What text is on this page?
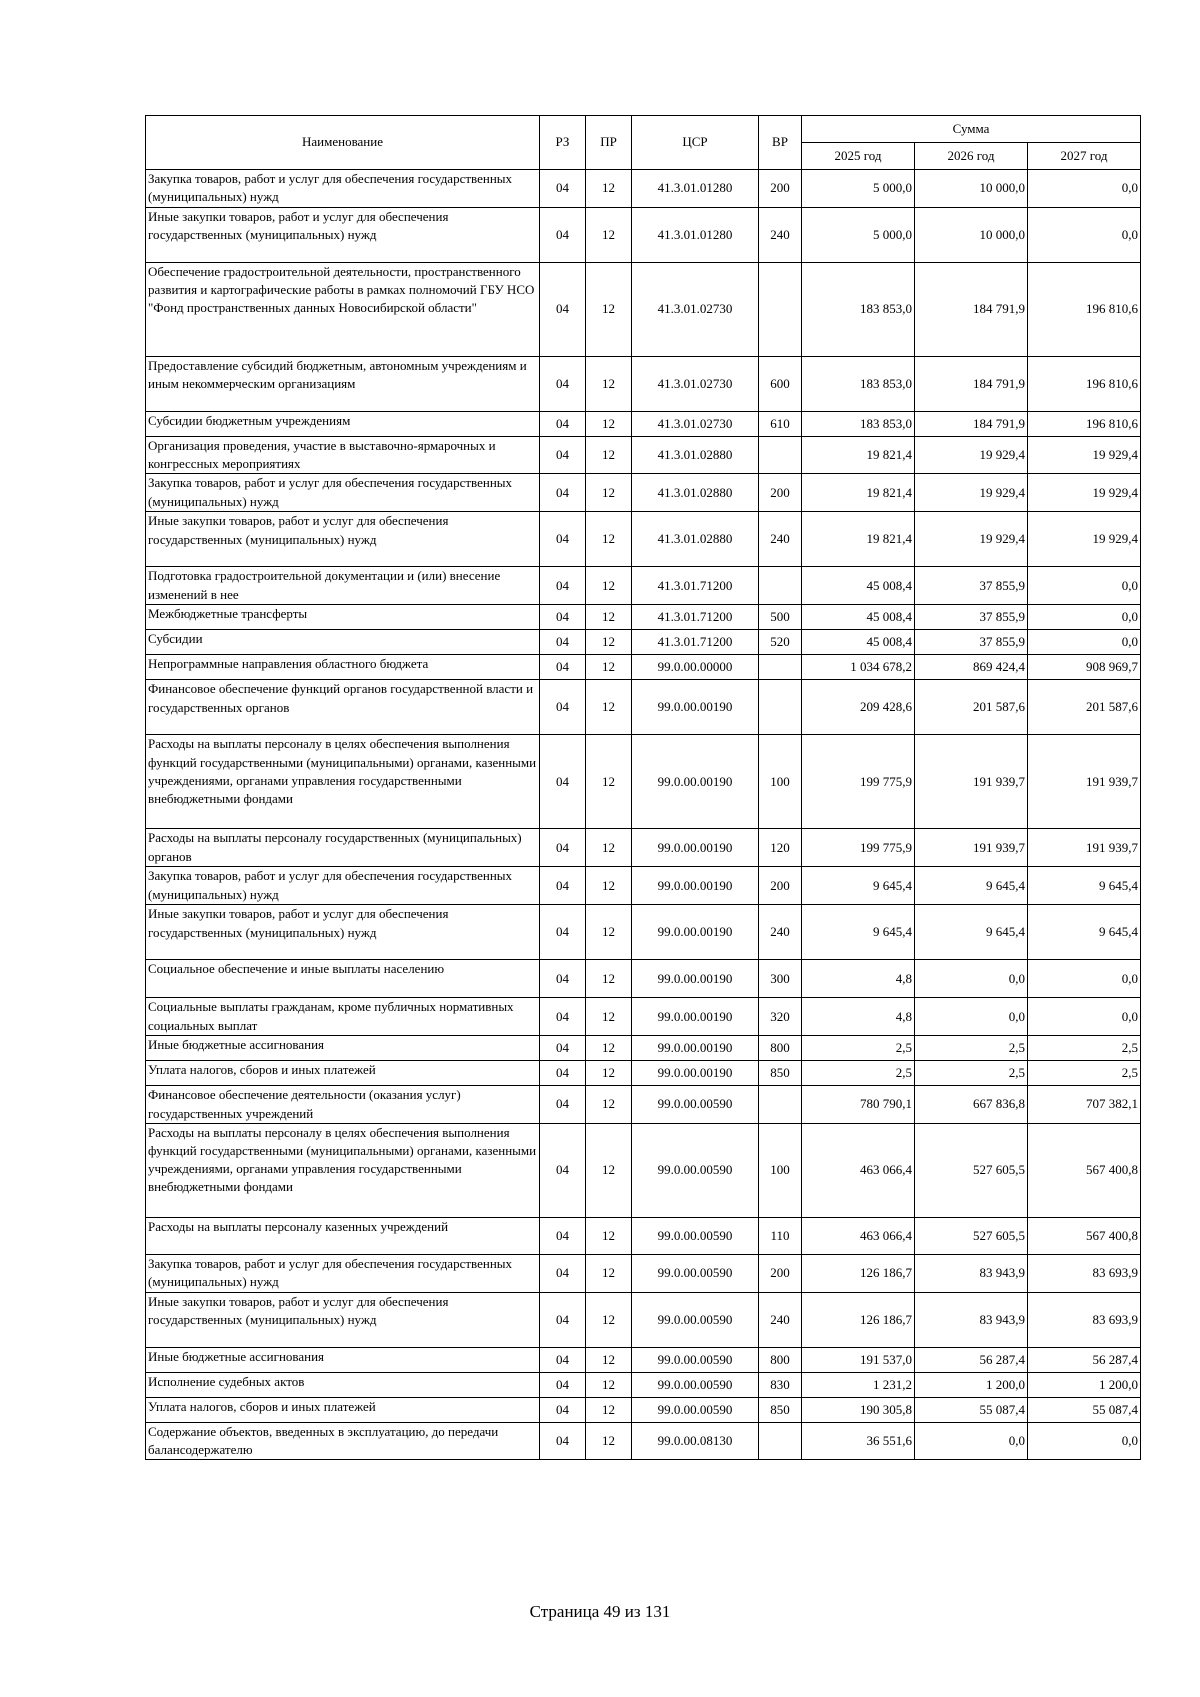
Наименование	РЗ	ПР	ЦСР	ВР	Сумма		
					2025 год	2026 год	2027 год
Закупка товаров, работ и услуг для обеспечения государственных (муниципальных) нужд	04	12	41.3.01.01280	200	5 000,0	10 000,0	0,0
Иные закупки товаров, работ и услуг для обеспечения государственных (муниципальных) нужд	04	12	41.3.01.01280	240	5 000,0	10 000,0	0,0
Обеспечение градостроительной деятельности, пространственного развития и картографические работы в рамках полномочий ГБУ НСО "Фонд пространственных данных Новосибирской области"	04	12	41.3.01.02730		183 853,0	184 791,9	196 810,6
Предоставление субсидий бюджетным, автономным учреждениям и иным некоммерческим организациям	04	12	41.3.01.02730	600	183 853,0	184 791,9	196 810,6
Субсидии бюджетным учреждениям	04	12	41.3.01.02730	610	183 853,0	184 791,9	196 810,6
Организация проведения, участие в выставочно-ярмарочных и конгрессных мероприятиях	04	12	41.3.01.02880		19 821,4	19 929,4	19 929,4
Закупка товаров, работ и услуг для обеспечения государственных (муниципальных) нужд	04	12	41.3.01.02880	200	19 821,4	19 929,4	19 929,4
Иные закупки товаров, работ и услуг для обеспечения государственных (муниципальных) нужд	04	12	41.3.01.02880	240	19 821,4	19 929,4	19 929,4
Подготовка градостроительной документации и (или) внесение изменений в нее	04	12	41.3.01.71200		45 008,4	37 855,9	0,0
Межбюджетные трансферты	04	12	41.3.01.71200	500	45 008,4	37 855,9	0,0
Субсидии	04	12	41.3.01.71200	520	45 008,4	37 855,9	0,0
Непрограммные направления областного бюджета	04	12	99.0.00.00000		1 034 678,2	869 424,4	908 969,7
Финансовое обеспечение функций органов государственной власти и государственных органов	04	12	99.0.00.00190		209 428,6	201 587,6	201 587,6
Расходы на выплаты персоналу в целях обеспечения выполнения функций государственными (муниципальными) органами, казенными учреждениями, органами управления государственными внебюджетными фондами	04	12	99.0.00.00190	100	199 775,9	191 939,7	191 939,7
Расходы на выплаты персоналу государственных (муниципальных) органов	04	12	99.0.00.00190	120	199 775,9	191 939,7	191 939,7
Закупка товаров, работ и услуг для обеспечения государственных (муниципальных) нужд	04	12	99.0.00.00190	200	9 645,4	9 645,4	9 645,4
Иные закупки товаров, работ и услуг для обеспечения государственных (муниципальных) нужд	04	12	99.0.00.00190	240	9 645,4	9 645,4	9 645,4
Социальное обеспечение и иные выплаты населению	04	12	99.0.00.00190	300	4,8	0,0	0,0
Социальные выплаты гражданам, кроме публичных нормативных социальных выплат	04	12	99.0.00.00190	320	4,8	0,0	0,0
Иные бюджетные ассигнования	04	12	99.0.00.00190	800	2,5	2,5	2,5
Уплата налогов, сборов и иных платежей	04	12	99.0.00.00190	850	2,5	2,5	2,5
Финансовое обеспечение деятельности (оказания услуг) государственных учреждений	04	12	99.0.00.00590		780 790,1	667 836,8	707 382,1
Расходы на выплаты персоналу в целях обеспечения выполнения функций государственными (муниципальными) органами, казенными учреждениями, органами управления государственными внебюджетными фондами	04	12	99.0.00.00590	100	463 066,4	527 605,5	567 400,8
Расходы на выплаты персоналу казенных учреждений	04	12	99.0.00.00590	110	463 066,4	527 605,5	567 400,8
Закупка товаров, работ и услуг для обеспечения государственных (муниципальных) нужд	04	12	99.0.00.00590	200	126 186,7	83 943,9	83 693,9
Иные закупки товаров, работ и услуг для обеспечения государственных (муниципальных) нужд	04	12	99.0.00.00590	240	126 186,7	83 943,9	83 693,9
Иные бюджетные ассигнования	04	12	99.0.00.00590	800	191 537,0	56 287,4	56 287,4
Исполнение судебных актов	04	12	99.0.00.00590	830	1 231,2	1 200,0	1 200,0
Уплата налогов, сборов и иных платежей	04	12	99.0.00.00590	850	190 305,8	55 087,4	55 087,4
Содержание объектов, введенных в эксплуатацию, до передачи балансодержателю	04	12	99.0.00.08130		36 551,6	0,0	0,0
Страница 49 из 131
